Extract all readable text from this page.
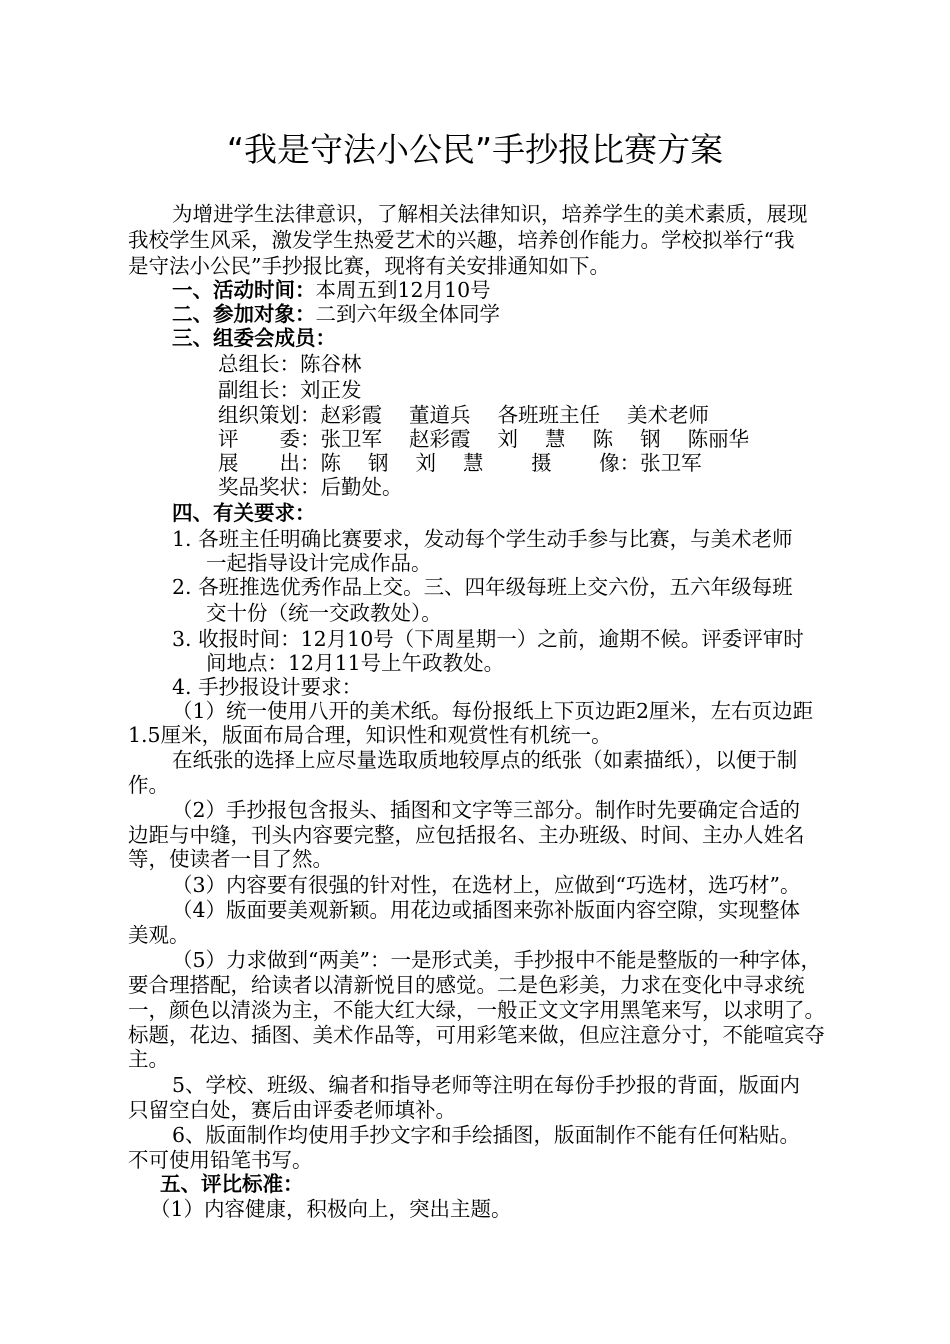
“我是守法小公民”手抄报比赛方案
为增进学生法律意识，了解相关法律知识，培养学生的美术素质，展现
我校学生风采，激发学生热爱艺术的兴趣，培养创作能力。学校拟举行“我
是守法小公民”手抄报比赛，现将有关安排通知如下。
一、活动时间：本周五到12月10号
二、参加对象：二到六年级全体同学
三、组委会成员：
总组长：陈谷林
副组长：刘正发
组织策划：赵彩霞　 董道兵　 各班班主任　 美术老师
评　　委：张卫军　 赵彩霞　 刘　 慧　 陈　 钢　 陈丽华
展　　出：陈　 钢　 刘　 慧　　 摄　　 像：张卫军
奖品奖状：后勤处。
四、有关要求：
1. 各班主任明确比赛要求，发动每个学生动手参与比赛，与美术老师
一起指导设计完成作品。
2. 各班推选优秀作品上交。三、四年级每班上交六份，五六年级每班
交十份（统一交政教处）。
3. 收报时间：12月10号（下周星期一）之前，逾期不候。评委评审时
间地点：12月11号上午政教处。
4. 手抄报设计要求：
（1）统一使用八开的美术纸。每份报纸上下页边距2厘米，左右页边距
1.5厘米，版面布局合理，知识性和观赏性有机统一。
在纸张的选择上应尽量选取质地较厚点的纸张（如素描纸），以便于制
作。
（2）手抄报包含报头、插图和文字等三部分。制作时先要确定合适的
边距与中缝，刊头内容要完整，应包括报名、主办班级、时间、主办人姓名
等，使读者一目了然。
（3）内容要有很强的针对性，在选材上，应做到“巧选材，选巧材”。
（4）版面要美观新颖。用花边或插图来弥补版面内容空隙，实现整体
美观。
（5）力求做到“两美”：一是形式美，手抄报中不能是整版的一种字体，
要合理搭配，给读者以清新悦目的感觉。二是色彩美，力求在变化中寻求统
一，颜色以清淡为主，不能大红大绿，一般正文文字用黑笔来写，以求明了。
标题，花边、插图、美术作品等，可用彩笔来做，但应注意分寸，不能喧宾夺
主。
5、学校、班级、编者和指导老师等注明在每份手抄报的背面，版面内
只留空白处，赛后由评委老师填补。
6、版面制作均使用手抄文字和手绘插图，版面制作不能有任何粘贴。
不可使用铅笔书写。
五、评比标准：
（1）内容健康，积极向上，突出主题。
